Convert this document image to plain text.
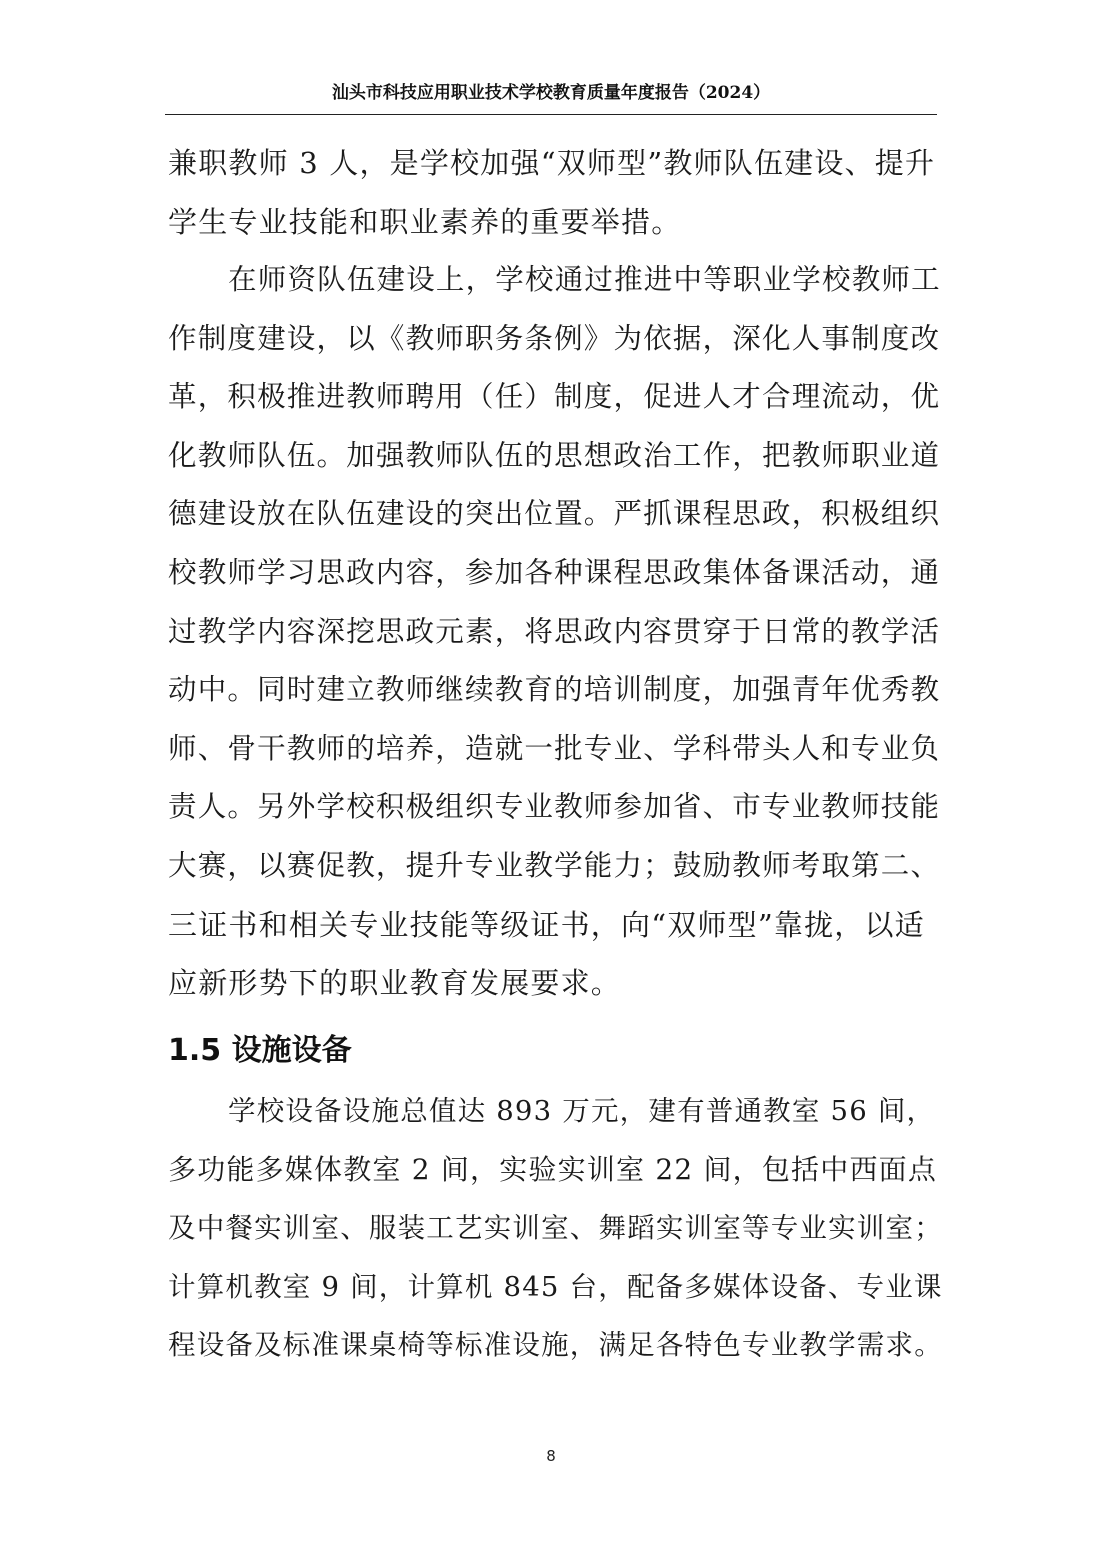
汕头市科技应用职业技术学校教育质量年度报告（2024）

兼职教师 3 人，是学校加强“双师型”教师队伍建设、提升
学生专业技能和职业素养的重要举措。

在师资队伍建设上，学校通过推进中等职业学校教师工
作制度建设，以《教师职务条例》为依据，深化人事制度改
革，积极推进教师聘用（任）制度，促进人才合理流动，优
化教师队伍。加强教师队伍的思想政治工作，把教师职业道
德建设放在队伍建设的突出位置。严抓课程思政，积极组织
校教师学习思政内容，参加各种课程思政集体备课活动，通
过教学内容深挖思政元素，将思政内容贯穿于日常的教学活
动中。同时建立教师继续教育的培训制度，加强青年优秀教
师、骨干教师的培养，造就一批专业、学科带头人和专业负
责人。另外学校积极组织专业教师参加省、市专业教师技能
大赛，以赛促教，提升专业教学能力；鼓励教师考取第二、
三证书和相关专业技能等级证书，向“双师型”靠拢，以适
应新形势下的职业教育发展要求。

1.5 设施设备

学校设备设施总值达 893 万元，建有普通教室 56 间，
多功能多媒体教室 2 间，实验实训室 22 间，包括中西面点
及中餐实训室、服装工艺实训室、舞蹈实训室等专业实训室；
计算机教室 9 间，计算机 845 台，配备多媒体设备、专业课
程设备及标准课桌椅等标准设施，满足各特色专业教学需求。

8
